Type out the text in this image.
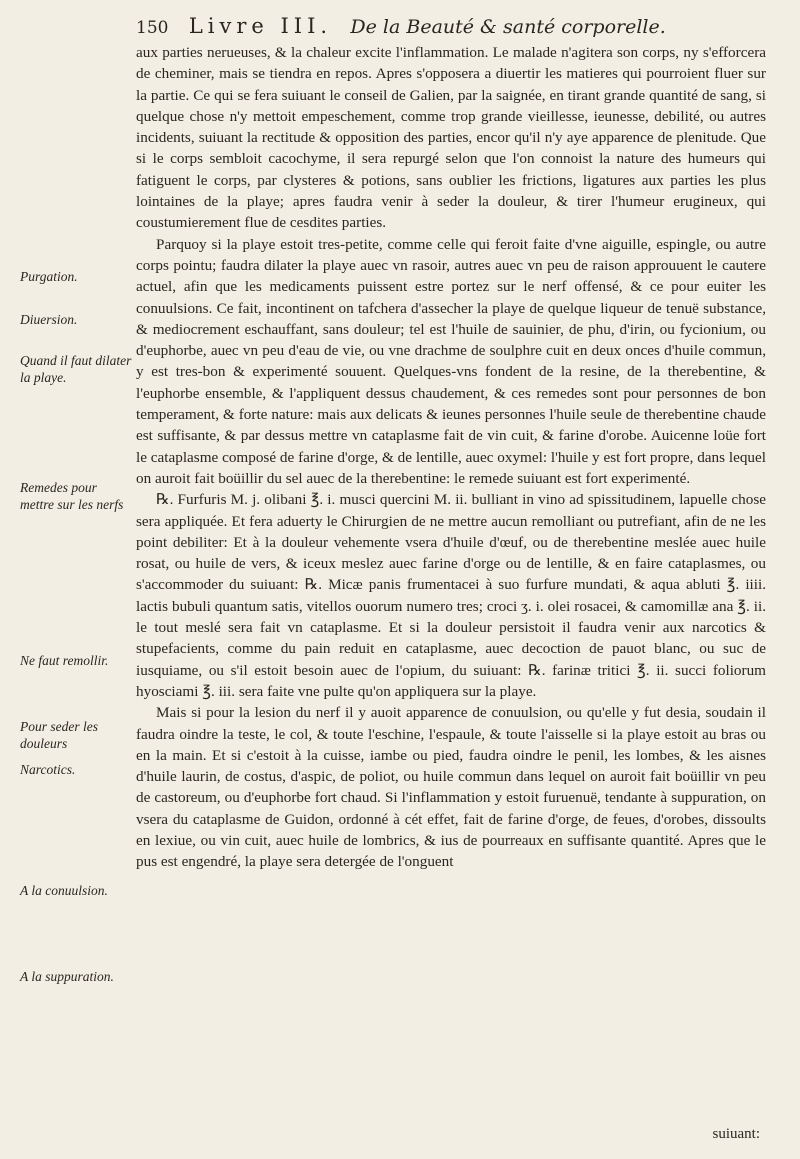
150 Livre III. De la Beauté & santé corporelle.

aux parties nerueuses, & la chaleur excite l'inflammation. Le malade n'agitera son corps, ny s'efforcera de cheminer, mais se tiendra en repos. Apres s'opposera a diuertir les matieres qui pourroient fluer sur la partie. Ce qui se fera suiuant le conseil de Galien, par la saignée, en tirant grande quantité de sang, si quelque chose n'y mettoit empeschement, comme trop grande vieillesse, ieunesse, debilité, ou autres incidents, suiuant la rectitude & opposition des parties, encor qu'il n'y aye apparence de plenitude. Que si le corps sembloit cacochyme, il sera repurgé selon que l'on connoist la nature des humeurs qui fatiguent le corps, par clysteres & potions, sans oublier les frictions, ligatures aux parties les plus lointaines de la playe; apres faudra venir à seder la douleur, & tirer l'humeur erugineux, qui coustumierement flue de cesdites parties.

Parquoy si la playe estoit tres-petite, comme celle qui feroit faite d'vne aiguille, espingle, ou autre corps pointu; faudra dilater la playe auec vn rasoir, autres auec vn peu de raison approuuent le cautere actuel, afin que les medicaments puissent estre portez sur le nerf offensé, & ce pour euiter les conuulsions. Ce fait, incontinent on tafchera d'assecher la playe de quelque liqueur de tenuë substance, & mediocrement eschauffant, sans douleur; tel est l'huile de sauinier, de phu, d'irin, ou fycionium, ou d'euphorbe, auec vn peu d'eau de vie, ou vne drachme de soulphre cuit en deux onces d'huile commun, y est tres-bon & experimenté souuent. Quelques-vns fondent de la resine, de la therebentine, & l'euphorbe ensemble, & l'appliquent dessus chaudement, & ces remedes sont pour personnes de bon temperament, & forte nature: mais aux delicats & ieunes personnes l'huile seule de therebentine chaude est suffisante, & par dessus mettre vn cataplasme fait de vin cuit, & farine d'orobe. Auicenne loüe fort le cataplasme composé de farine d'orge, & de lentille, auec oxymel: l'huile y est fort propre, dans lequel on auroit fait boüillir du sel auec de la therebentine: le remede suiuant est fort experimenté.

℞. Furfuris M. j. olibani ℥. i. musci quercini M. ii. bulliant in vino ad spissitudinem, lapuelle chose sera appliquée. Et fera aduerty le Chirurgien de ne mettre aucun remolliant ou putrefiant, afin de ne les point debiliter: Et à la douleur vehemente vsera d'huile d'œuf, ou de therebentine meslée auec huile rosat, ou huile de vers, & iceux meslez auec farine d'orge ou de lentille, & en faire cataplasmes, ou s'accommoder du suiuant: ℞. Micæ panis frumentacei à suo furfure mundati, & aqua abluti ℥. iiii. lactis bubuli quantum satis, vitellos ouorum numero tres; croci ʒ. i. olei rosacei, & camomillæ ana ℥. ii. le tout meslé sera fait vn cataplasme. Et si la douleur persistoit il faudra venir aux narcotics & stupefacients, comme du pain reduit en cataplasme, auec decoction de pauot blanc, ou suc de iusquiame, ou s'il estoit besoin auec de l'opium, du suiuant: ℞. farinæ tritici ℥. ii. succi foliorum hyosciami ℥. iii. sera faite vne pulte qu'on appliquera sur la playe.

Mais si pour la lesion du nerf il y auoit apparence de conuulsion, ou qu'elle y fut desia, soudain il faudra oindre la teste, le col, & toute l'eschine, l'espaule, & toute l'aisselle si la playe estoit au bras ou en la main. Et si c'estoit à la cuisse, iambe ou pied, faudra oindre le penil, les lombes, & les aisnes d'huile laurin, de costus, d'aspic, de poliot, ou huile commun dans lequel on auroit fait boüillir vn peu de castoreum, ou d'euphorbe fort chaud. Si l'inflammation y estoit furuenuë, tendante à suppuration, on vsera du cataplasme de Guidon, ordonné à cét effet, fait de farine d'orge, de feues, d'orobes, dissoults en lexiue, ou vin cuit, auec huile de lombrics, & ius de pourreaux en suffisante quantité. Apres que le pus est engendré, la playe sera detergée de l'onguent

Purgation.
Diuersion.
Quand il faut dilater la playe.
Remedes pour mettre sur les nerfs
Ne faut remollir.
Pour seder les douleurs
Narcotics.
A la conuulsion.
A la suppuration.
suiuant:
